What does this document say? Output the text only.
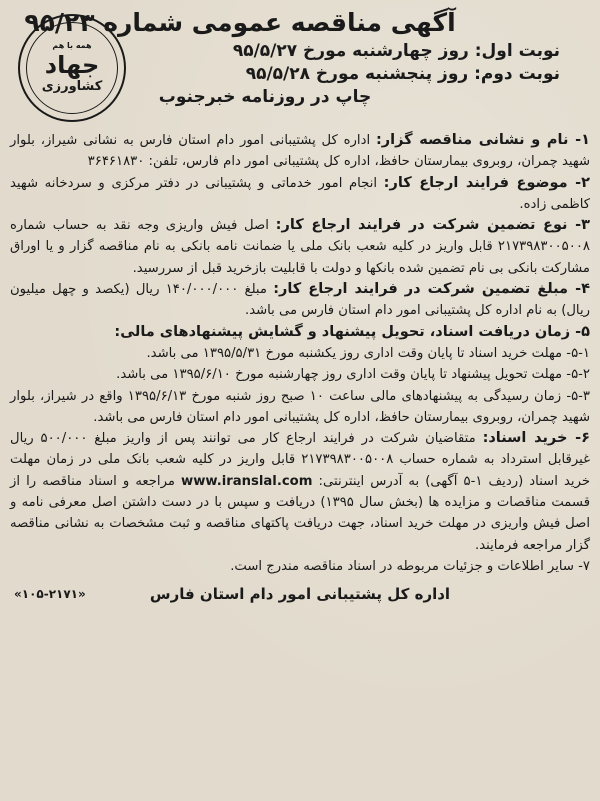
همه با هم
جهاد
کشاورزی
آگهی مناقصه عمومی شماره ۹۵/۲۳

نوبت اول: روز چهارشنبه مورخ ۹۵/۵/۲۷

نوبت دوم: روز پنجشنبه مورخ ۹۵/۵/۲۸

چاپ در روزنامه خبرجنوب

۱- نام و نشانی مناقصه گزار: اداره کل پشتیبانی امور دام استان فارس به نشانی شیراز، بلوار شهید چمران، روبروی بیمارستان حافظ، اداره کل پشتیبانی امور دام فارس، تلفن: ۳۶۴۶۱۸۳۰

۲- موضوع فرایند ارجاع کار: انجام امور خدماتی و پشتیبانی در دفتر مرکزی و سردخانه شهید کاظمی زاده.

۳- نوع تضمین شرکت در فرایند ارجاع کار: اصل فیش واریزی وجه نقد به حساب شماره ۲۱۷۳۹۸۳۰۰۵۰۰۸ قابل واریز در کلیه شعب بانک ملی یا ضمانت نامه بانکی به نام مناقصه گزار و یا اوراق مشارکت بانکی بی نام تضمین شده بانکها و دولت با قابلیت بازخرید قبل از سررسید.

۴- مبلغ تضمین شرکت در فرایند ارجاع کار: مبلغ ۱۴۰/۰۰۰/۰۰۰ ریال (یکصد و چهل میلیون ریال) به نام اداره کل پشتیبانی امور دام استان فارس می باشد.

۵- زمان دریافت اسناد، تحویل پیشنهاد و گشایش پیشنهادهای مالی:

۵-۱- مهلت خرید اسناد تا پایان وقت اداری روز یکشنبه مورخ ۱۳۹۵/۵/۳۱ می باشد.

۵-۲- مهلت تحویل پیشنهاد تا پایان وقت اداری روز چهارشنبه مورخ ۱۳۹۵/۶/۱۰ می باشد.

۵-۳- زمان رسیدگی به پیشنهادهای مالی ساعت ۱۰ صبح روز شنبه مورخ ۱۳۹۵/۶/۱۳ واقع در شیراز، بلوار شهید چمران، روبروی بیمارستان حافظ، اداره کل پشتیبانی امور دام استان فارس می باشد.

۶- خرید اسناد: متقاضیان شرکت در فرایند ارجاع کار می توانند پس از واریز مبلغ ۵۰۰/۰۰۰ ریال غیرقابل استرداد به شماره حساب ۲۱۷۳۹۸۳۰۰۵۰۰۸ قابل واریز در کلیه شعب بانک ملی در زمان مهلت خرید اسناد (ردیف ۱-۵ آگهی) به آدرس اینترنتی: www.iranslal.com مراجعه و اسناد مناقصه را از قسمت مناقصات و مزایده ها (بخش سال ۱۳۹۵) دریافت و سپس با در دست داشتن اصل معرفی نامه و اصل فیش واریزی در مهلت خرید اسناد، جهت دریافت پاکتهای مناقصه و ثبت مشخصات به نشانی مناقصه گزار مراجعه فرمایند.

۷- سایر اطلاعات و جزئیات مربوطه در اسناد مناقصه مندرج است.

اداره کل پشتیبانی امور دام استان فارس
«۱۰۵-۲۱۷۱»
